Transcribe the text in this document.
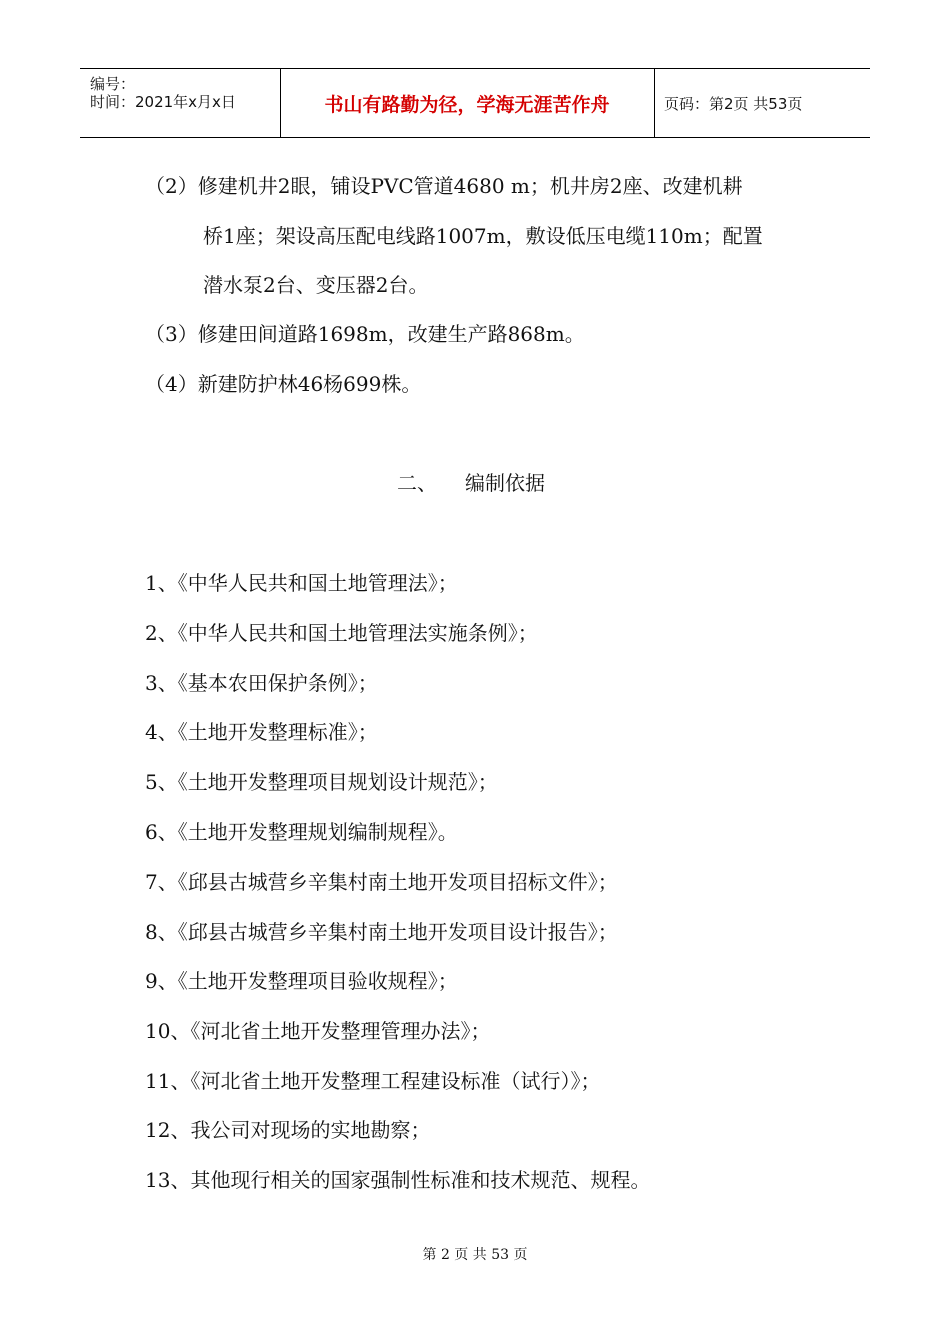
编号：
时间：2021年x月x日	书山有路勤为径，学海无涯苦作舟	页码：第2页 共53页
（2）修建机井2眼，铺设PVC管道4680 m；机井房2座、改建机耕
桥1座；架设高压配电线路1007m，敷设低压电缆110m；配置
潜水泵2台、变压器2台。
（3）修建田间道路1698m，改建生产路868m。
（4）新建防护林46杨699株。
二、 编制依据
1、《中华人民共和国土地管理法》；
2、《中华人民共和国土地管理法实施条例》；
3、《基本农田保护条例》；
4、《土地开发整理标准》；
5、《土地开发整理项目规划设计规范》；
6、《土地开发整理规划编制规程》。
7、《邱县古城营乡辛集村南土地开发项目招标文件》；
8、《邱县古城营乡辛集村南土地开发项目设计报告》；
9、《土地开发整理项目验收规程》；
10、《河北省土地开发整理管理办法》；
11、《河北省土地开发整理工程建设标准（试行）》；
12、我公司对现场的实地勘察；
13、其他现行相关的国家强制性标准和技术规范、规程。
第 2 页 共 53 页
